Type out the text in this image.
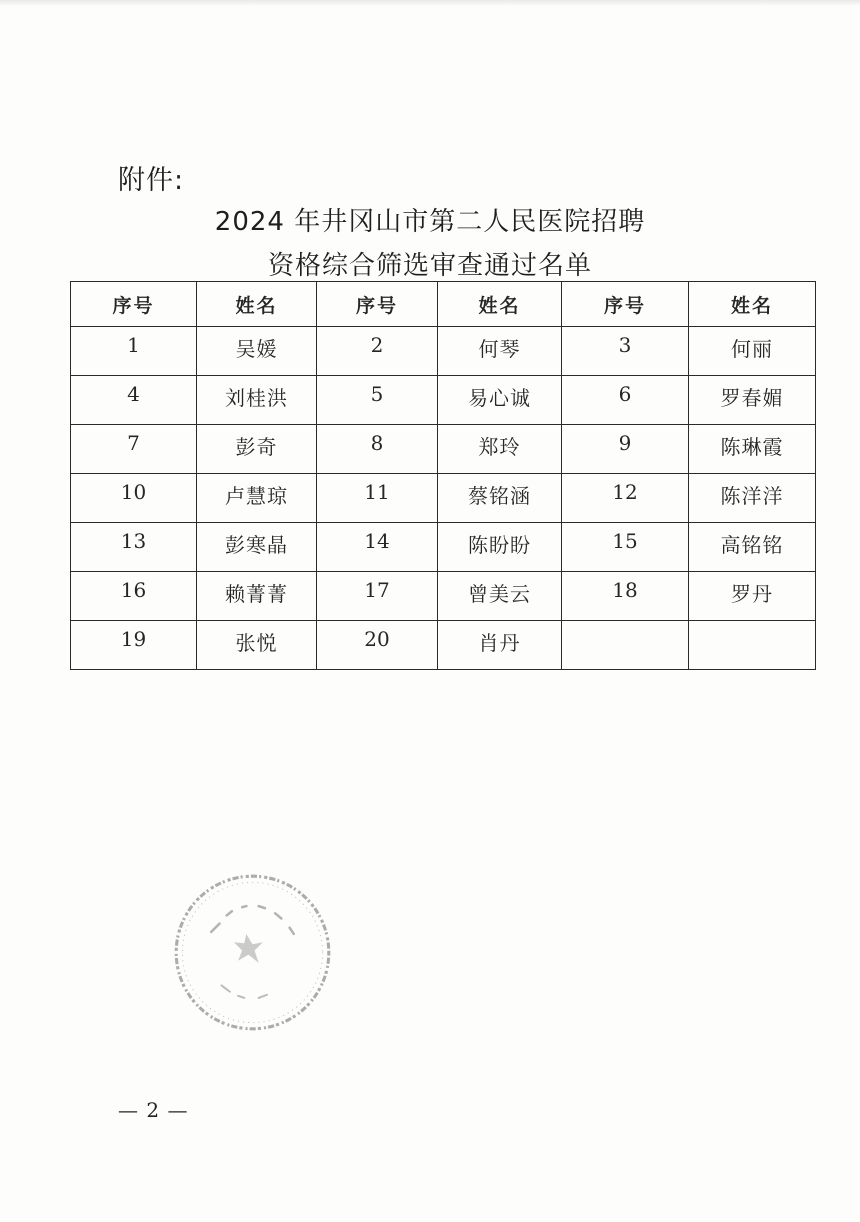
附件:
2024 年井冈山市第二人民医院招聘
资格综合筛选审查通过名单
序号	姓名	序号	姓名	序号	姓名
1	吴媛	2	何琴	3	何丽
4	刘桂洪	5	易心诚	6	罗春媚
7	彭奇	8	郑玲	9	陈琳霞
10	卢慧琼	11	蔡铭涵	12	陈洋洋
13	彭寒晶	14	陈盼盼	15	高铭铭
16	赖菁菁	17	曾美云	18	罗丹
19	张悦	20	肖丹		
— 2 —
